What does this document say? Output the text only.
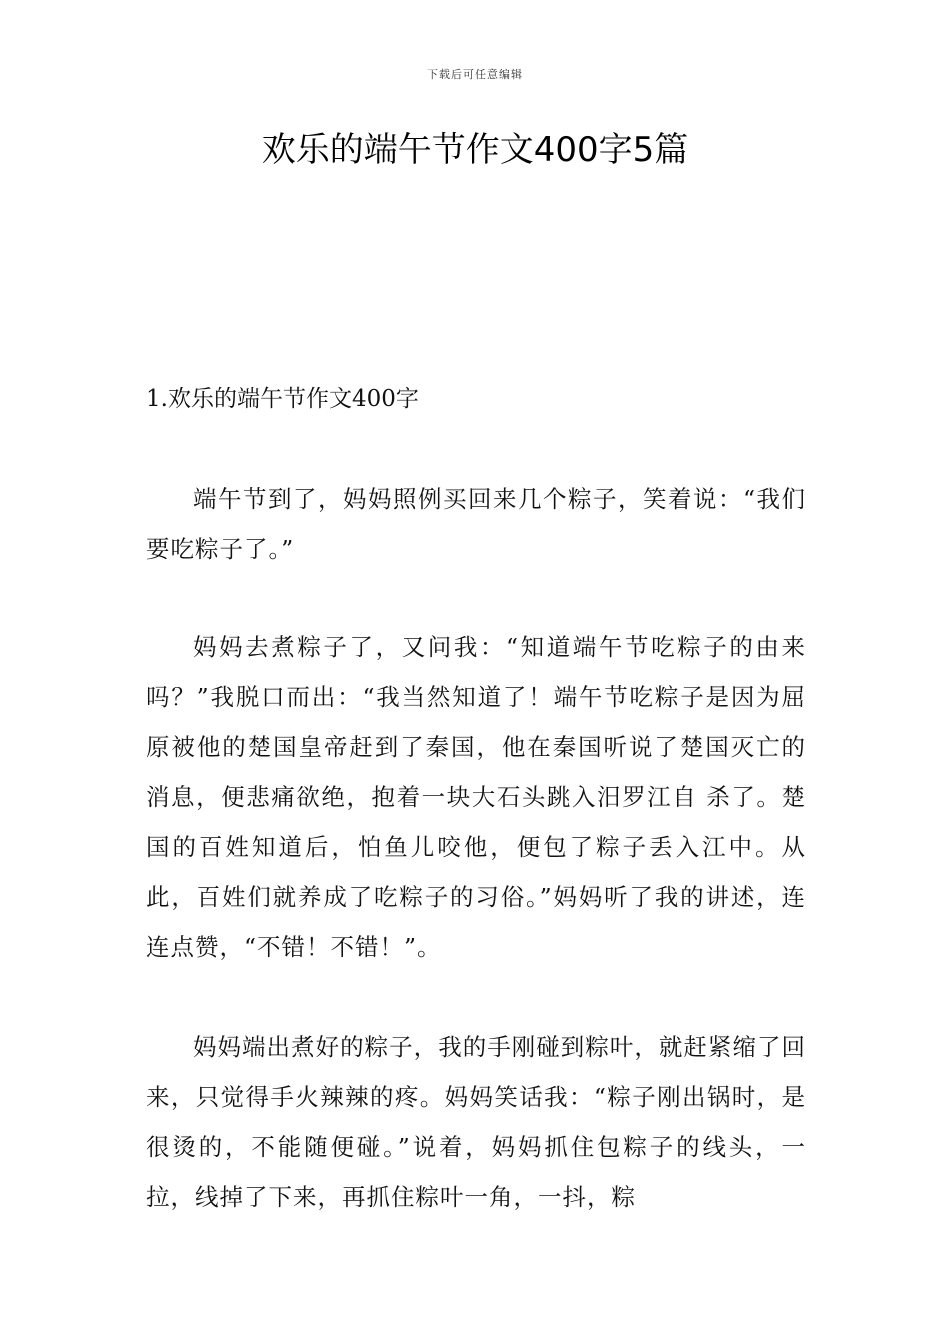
下载后可任意编辑
欢乐的端午节作文400字5篇
1.欢乐的端午节作文400字

端午节到了，妈妈照例买回来几个粽子，笑着说：“我们要吃粽子了。”

妈妈去煮粽子了，又问我：“知道端午节吃粽子的由来吗？”我脱口而出：“我当然知道了！端午节吃粽子是因为屈原被他的楚国皇帝赶到了秦国，他在秦国听说了楚国灭亡的消息，便悲痛欲绝，抱着一块大石头跳入汨罗江自 杀了。楚国的百姓知道后，怕鱼儿咬他，便包了粽子丢入江中。从此，百姓们就养成了吃粽子的习俗。”妈妈听了我的讲述，连连点赞，“不错！不错！”。

妈妈端出煮好的粽子，我的手刚碰到粽叶，就赶紧缩了回来，只觉得手火辣辣的疼。妈妈笑话我：“粽子刚出锅时，是很烫的，不能随便碰。”说着，妈妈抓住包粽子的线头，一拉，线掉了下来，再抓住粽叶一角，一抖，粽
